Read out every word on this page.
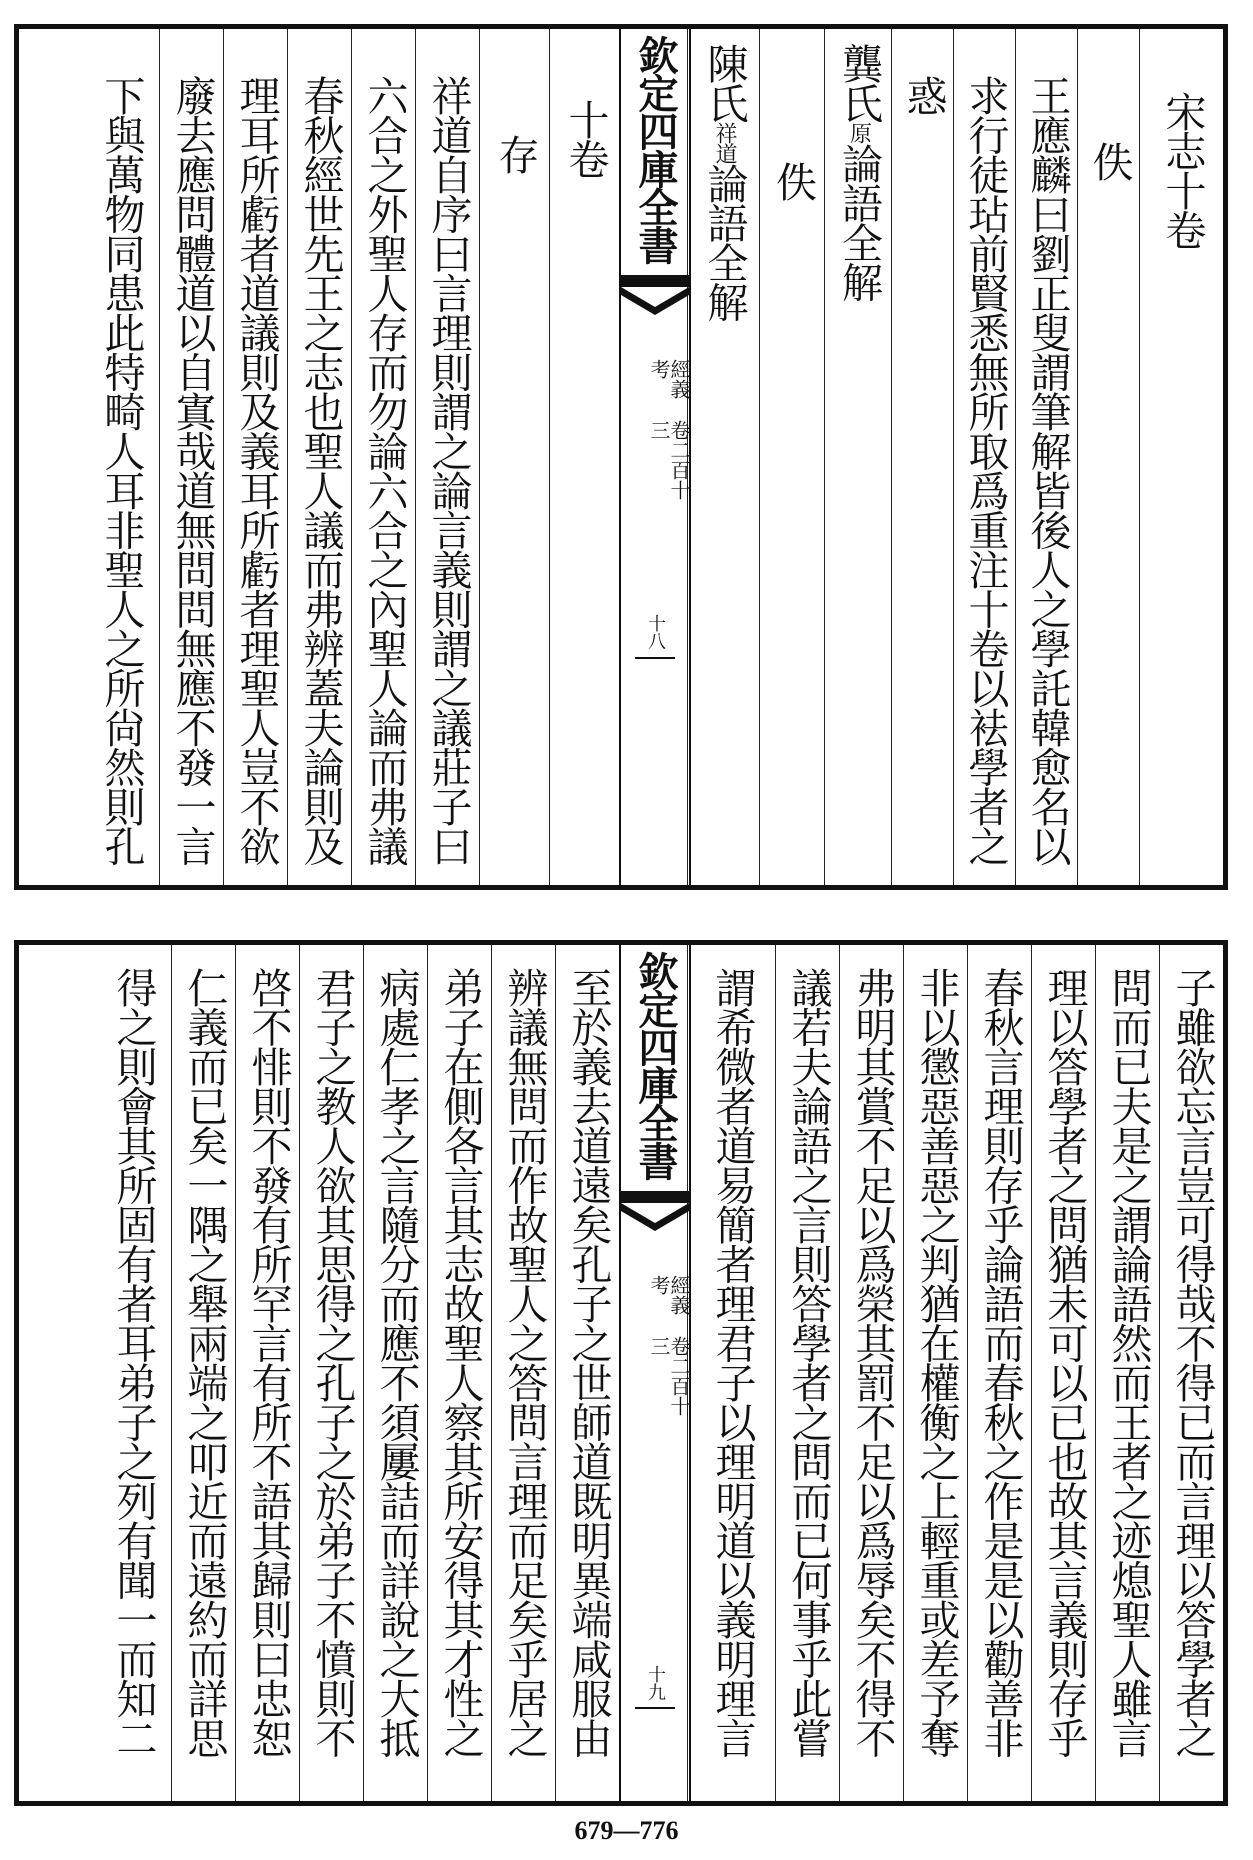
宋志十卷
佚
王應麟曰劉正叟謂筆解皆後人之學託韓愈名以
求行徒玷前賢悉無所取爲重注十卷以袪學者之
惑
龔氏
原
論語全解
佚
陳氏
祥道
論語全解
欽定四庫全書
經義考
卷二百十三
十八
十卷
存
祥道自序曰言理則謂之論言義則謂之議莊子曰
六合之外聖人存而勿論六合之內聖人論而弗議
春秋經世先王之志也聖人議而弗辨蓋夫論則及
理耳所虧者道議則及義耳所虧者理聖人豈不欲
廢去應問體道以自寘哉道無問問無應不發一言
下與萬物同患此特畸人耳非聖人之所尙然則孔
子雖欲忘言豈可得哉不得已而言理以答學者之
問而已夫是之謂論語然而王者之迹熄聖人雖言
理以答學者之問猶未可以已也故其言義則存乎
春秋言理則存乎論語而春秋之作是是以勸善非
非以懲惡善惡之判猶在權衡之上輕重或差予奪
弗明其賞不足以爲榮其罰不足以爲辱矣不得不
議若夫論語之言則答學者之問而已何事乎此嘗
謂希微者道易簡者理君子以理明道以義明理言
欽定四庫全書
經義考
卷二百十三
十九
至於義去道遠矣孔子之世師道既明異端咸服由
辨議無問而作故聖人之答問言理而足矣乎居之
弟子在側各言其志故聖人察其所安得其才性之
病處仁孝之言隨分而應不須屢詰而詳說之大抵
君子之教人欲其思得之孔子之於弟子不憤則不
啓不悱則不發有所罕言有所不語其歸則曰忠恕
仁義而已矣一隅之舉兩端之叩近而遠約而詳思
得之則會其所固有者耳弟子之列有聞一而知二
679—776
